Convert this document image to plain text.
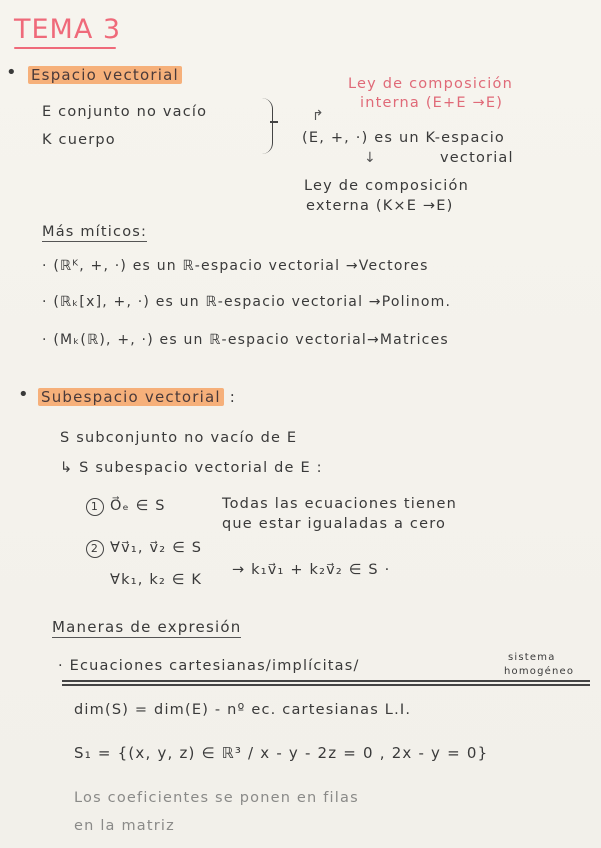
TEMA 3
• Espacio vectorial	Ley de composición
interna (E+E →E)
↱
E conjunto no vacío
K cuerpo	(E, +, ·) es un K-espacio
↓	vectorial
Ley de composición
externa (K×E →E)
Más míticos:
· (ℝᴷ, +, ·) es un ℝ-espacio vectorial →Vectores
· (ℝₖ[x], +, ·) es un ℝ-espacio vectorial →Polinom.
· (Mₖ(ℝ), +, ·) es un ℝ-espacio vectorial→Matrices
• Subespacio vectorial :
S subconjunto no vacío de E
↳ S subespacio vectorial de E :
1 O⃗ₑ ∈ S	Todas las ecuaciones tienen
que estar igualadas a cero
2 ∀v⃗₁, v⃗₂ ∈ S
∀k₁, k₂ ∈ K
→ k₁v⃗₁ + k₂v⃗₂ ∈ S ·
Maneras de expresión
· Ecuaciones cartesianas/implícitas/
sistema
homogéneo
dim(S) = dim(E) - nº ec. cartesianas L.I.
S₁ = {(x, y, z) ∈ ℝ³ / x - y - 2z = 0 , 2x - y = 0}
Los coeficientes se ponen en filas
en la matriz
